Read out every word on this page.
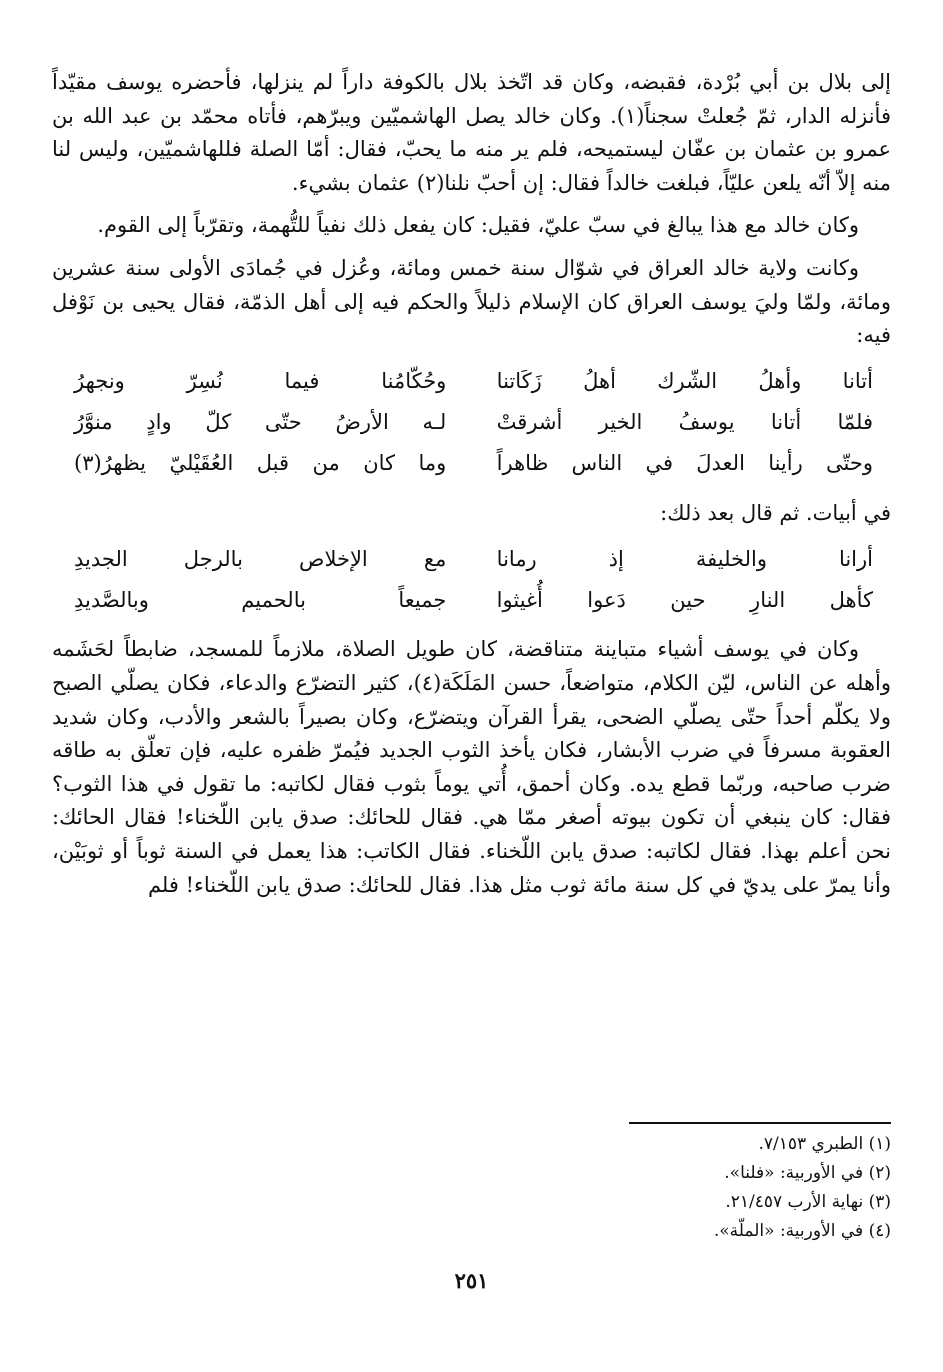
إلى بلال بن أبي بُرْدة، فقبضه، وكان قد اتّخذ بلال بالكوفة داراً لم ينزلها، فأحضره يوسف مقيّداً فأنزله الدار، ثمّ جُعلتْ سجناً(١). وكان خالد يصل الهاشميّين ويبرّهم، فأتاه محمّد بن عبد الله بن عمرو بن عثمان بن عفّان ليستميحه، فلم ير منه ما يحبّ، فقال: أمّا الصلة فللهاشميّين، وليس لنا منه إلاّ أنّه يلعن عليّاً، فبلغت خالداً فقال: إن أحبّ نلنا(٢) عثمان بشيء.

وكان خالد مع هذا يبالغ في سبّ عليّ، فقيل: كان يفعل ذلك نفياً للتُّهمة، وتقرّباً إلى القوم.

وكانت ولاية خالد العراق في شوّال سنة خمس ومائة، وعُزل في جُمادَى الأولى سنة عشرين ومائة، ولمّا وليَ يوسف العراق كان الإسلام ذليلاً والحكم فيه إلى أهل الذمّة، فقال يحيى بن نَوْفل فيه:

أتانا وأهلُ الشّرك أهلُ زَكَاتنا
وحُكّامُنا فيما نُسِرّ ونجهرُ
فلمّا أتانا يوسفُ الخير أشرقتْ
لـه الأرضُ حتّى كلّ وادٍ منوَّرُ
وحتّى رأينا العدلَ في الناس ظاهراً
وما كان من قبل العُقَيْليّ يظهرُ(٣)

في أبيات. ثم قال بعد ذلك:

أرانا والخليفة إذ رمانا
مع الإخلاص بالرجل الجديدِ
كأهل النارِ حين دَعوا أُغيثوا
جميعاً بالحميم وبالصَّديدِ

وكان في يوسف أشياء متباينة متناقضة، كان طويل الصلاة، ملازماً للمسجد، ضابطاً لحَشَمه وأهله عن الناس، ليّن الكلام، متواضعاً، حسن المَلَكَة(٤)، كثير التضرّع والدعاء، فكان يصلّي الصبح ولا يكلّم أحداً حتّى يصلّي الضحى، يقرأ القرآن ويتضرّع، وكان بصيراً بالشعر والأدب، وكان شديد العقوبة مسرفاً في ضرب الأبشار، فكان يأخذ الثوب الجديد فيُمرّ ظفره عليه، فإن تعلّق به طاقه ضرب صاحبه، وربّما قطع يده. وكان أحمق، أُتي يوماً بثوب فقال لكاتبه: ما تقول في هذا الثوب؟ فقال: كان ينبغي أن تكون بيوته أصغر ممّا هي. فقال للحائك: صدق يابن اللّخناء! فقال الحائك: نحن أعلم بهذا. فقال لكاتبه: صدق يابن اللّخناء. فقال الكاتب: هذا يعمل في السنة ثوباً أو ثوبَيْن، وأنا يمرّ على يديّ في كل سنة مائة ثوب مثل هذا. فقال للحائك: صدق يابن اللّخناء! فلم

(١) الطبري ٧/١٥٣.
(٢) في الأوربية: «فلنا».
(٣) نهاية الأرب ٢١/٤٥٧.
(٤) في الأوربية: «الملّة».
٢٥١
